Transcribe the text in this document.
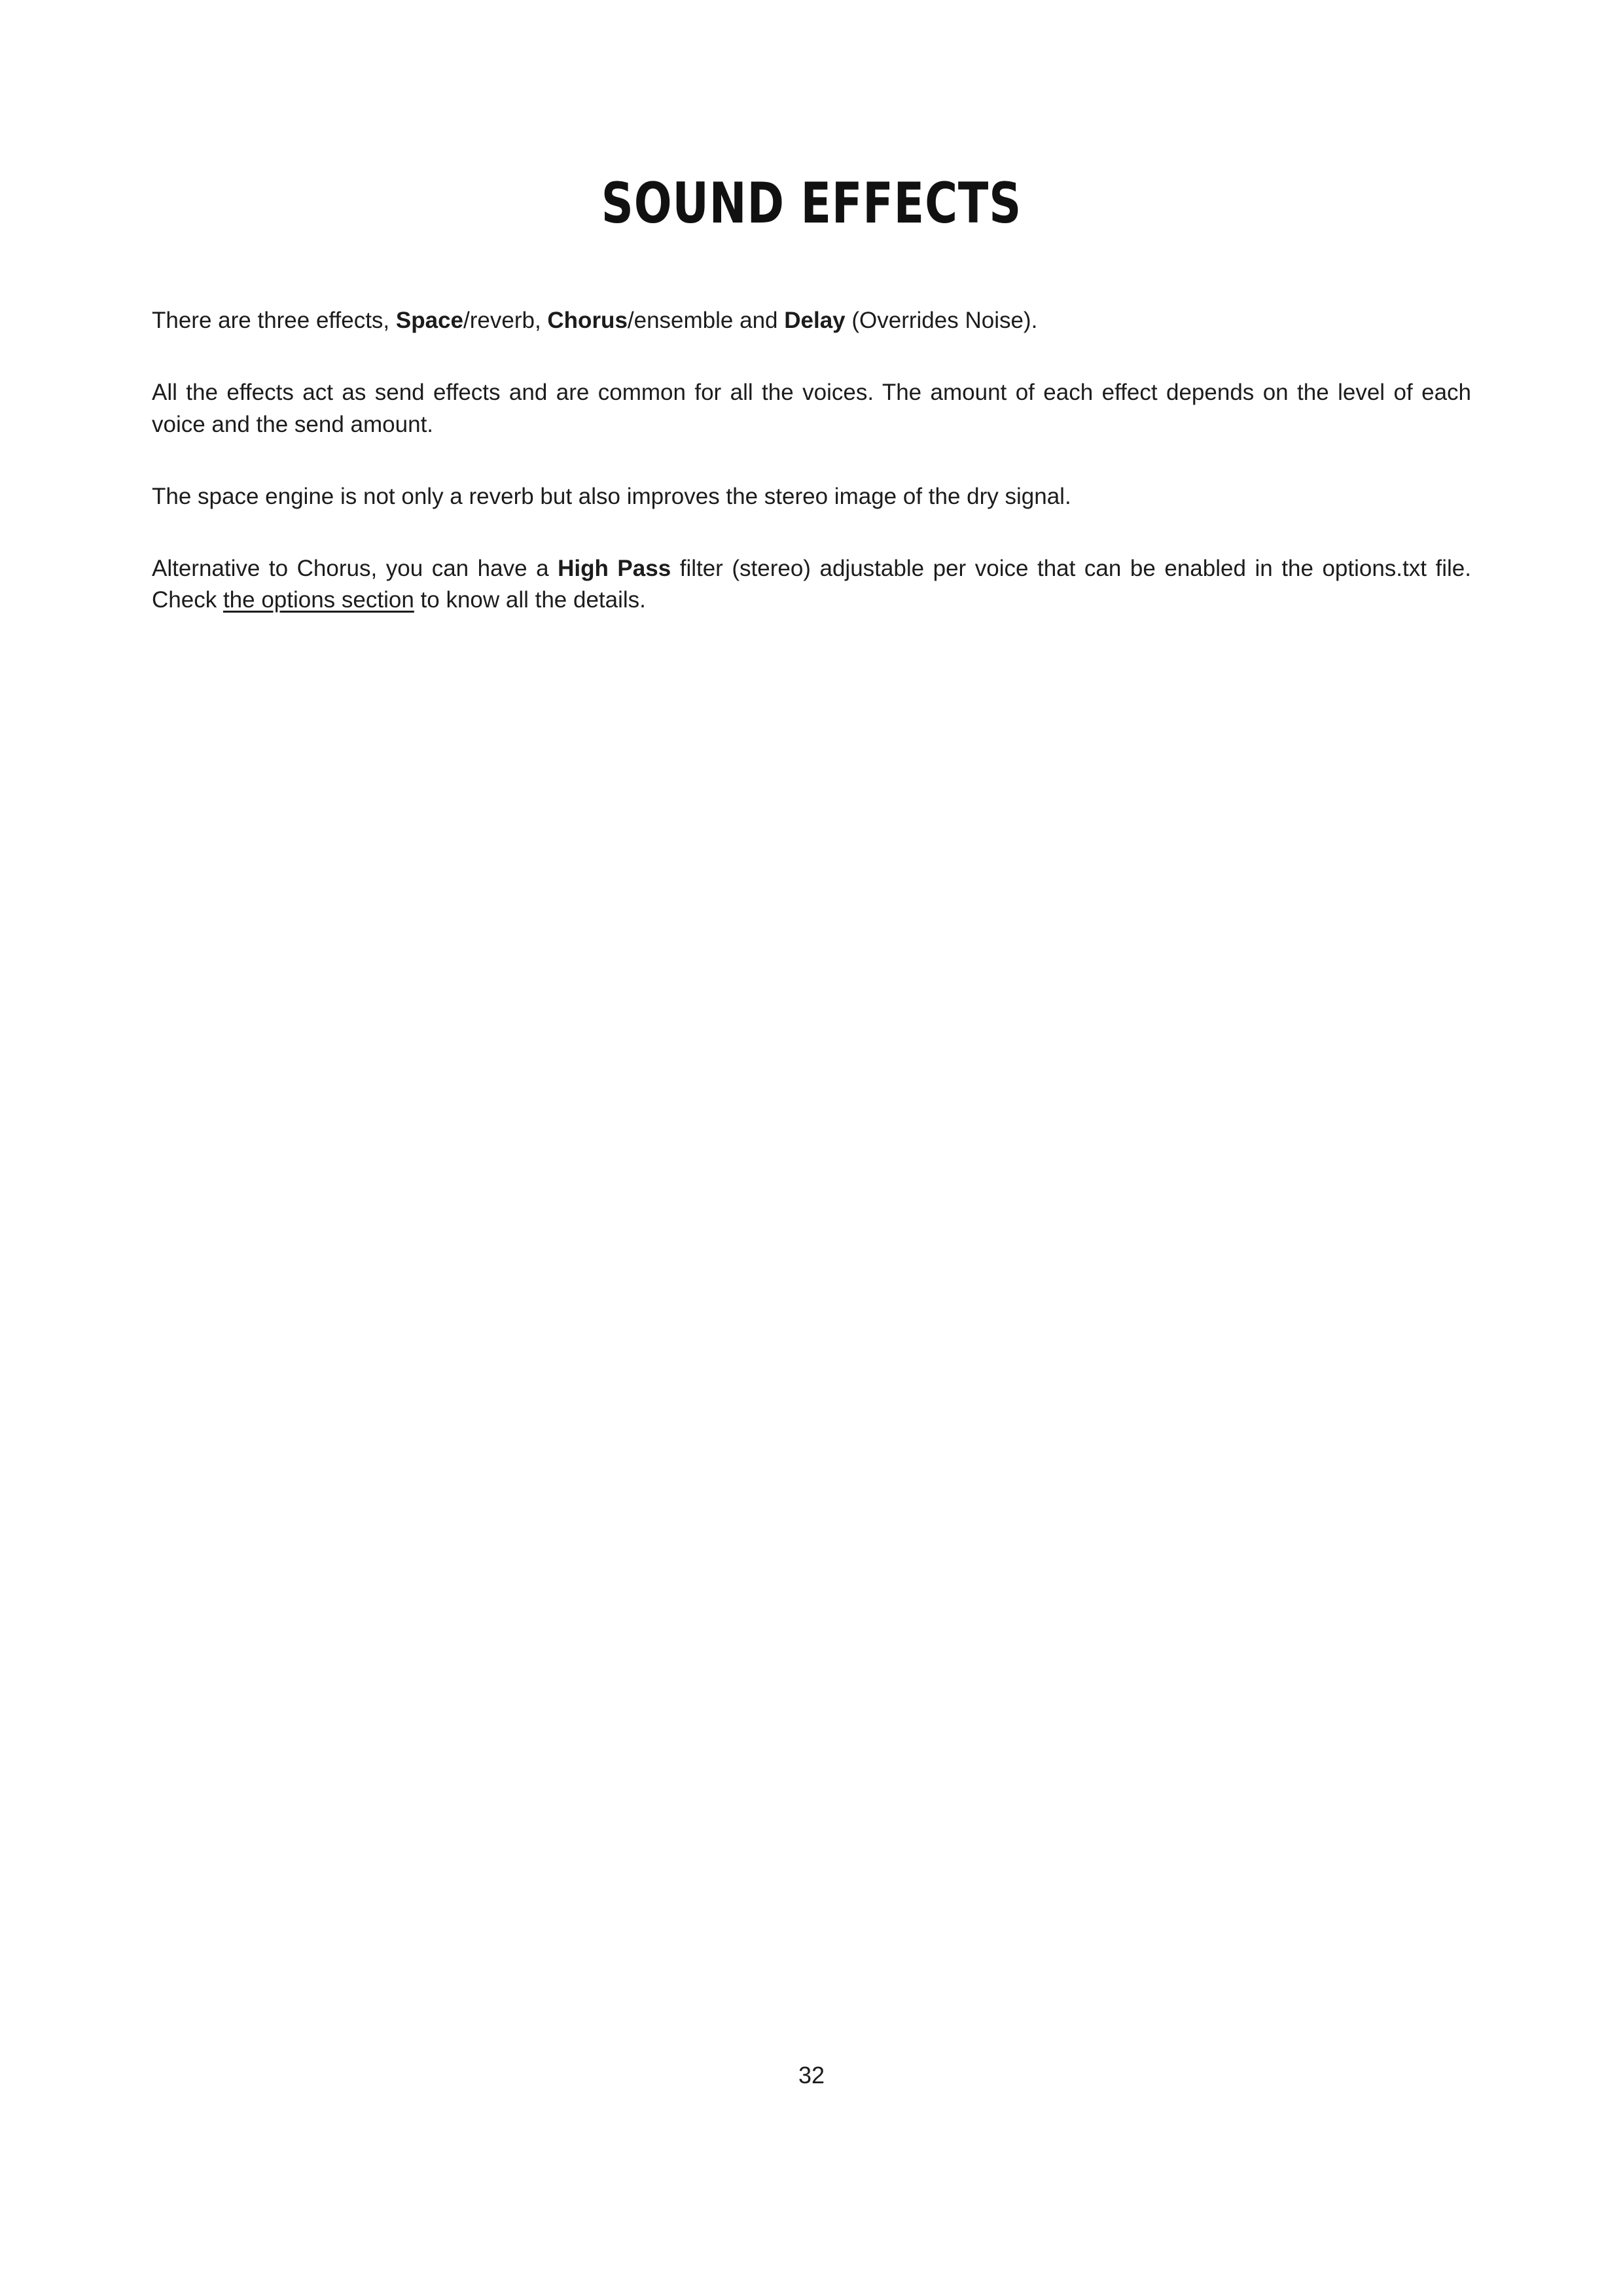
SOUND EFFECTS

There are three effects, Space/reverb, Chorus/ensemble and Delay (Overrides Noise).

All the effects act as send effects and are common for all the voices. The amount of each effect depends on the level of each voice and the send amount.

The space engine is not only a reverb but also improves the stereo image of the dry signal.

Alternative to Chorus, you can have a High Pass filter (stereo) adjustable per voice that can be enabled in the options.txt file. Check the options section to know all the details.

32
